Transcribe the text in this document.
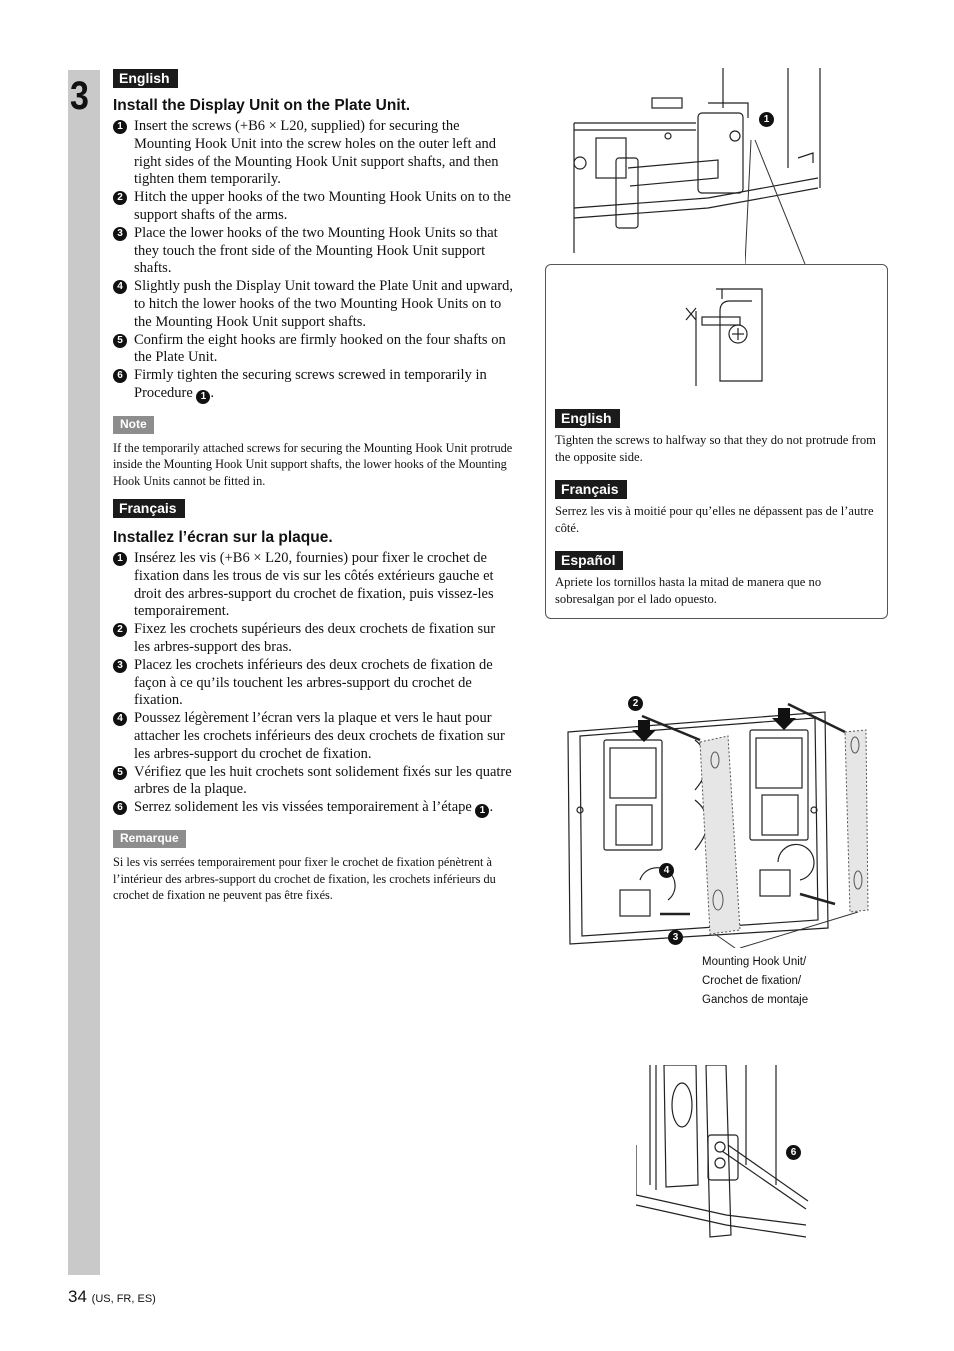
3	English
Install the Display Unit on the Plate Unit.
1 Insert the screws (+B6 × L20, supplied) for securing the Mounting Hook Unit into the screw holes on the outer left and right sides of the Mounting Hook Unit support shafts, and then tighten them temporarily.
2 Hitch the upper hooks of the two Mounting Hook Units on to the support shafts of the arms.
3 Place the lower hooks of the two Mounting Hook Units so that they touch the front side of the Mounting Hook Unit support shafts.
4 Slightly push the Display Unit toward the Plate Unit and upward, to hitch the lower hooks of the two Mounting Hook Units on to the Mounting Hook Unit support shafts.
5 Confirm the eight hooks are firmly hooked on the four shafts on the Plate Unit.
6 Firmly tighten the securing screws screwed in temporarily in Procedure 1 .
Note
If the temporarily attached screws for securing the Mounting Hook Unit protrude inside the Mounting Hook Unit support shafts, the lower hooks of the Mounting Hook Units cannot be fitted in.
Français
Installez l’écran sur la plaque.
1 Insérez les vis (+B6 × L20, fournies) pour fixer le crochet de fixation dans les trous de vis sur les côtés extérieurs gauche et droit des arbres-support du crochet de fixation, puis vissez-les temporairement.
2 Fixez les crochets supérieurs des deux crochets de fixation sur les arbres-support des bras.
3 Placez les crochets inférieurs des deux crochets de fixation de façon à ce qu’ils touchent les arbres-support du crochet de fixation.
4 Poussez légèrement l’écran vers la plaque et vers le haut pour attacher les crochets inférieurs des deux crochets de fixation sur les arbres-support du crochet de fixation.
5 Vérifiez que les huit crochets sont solidement fixés sur les quatre arbres de la plaque.
6 Serrez solidement les vis vissées temporairement à l’étape 1 .
Remarque
Si les vis serrées temporairement pour fixer le crochet de fixation pénètrent à l’intérieur des arbres-support du crochet de fixation, les crochets inférieurs du crochet de fixation ne peuvent pas être fixés.
1
English
Tighten the screws to halfway so that they do not protrude from the opposite side.
Français
Serrez les vis à moitié pour qu’elles ne dépassent pas de l’autre côté.
Español
Apriete los tornillos hasta la mitad de manera que no sobresalgan por el lado opuesto.
2
4
3
Mounting Hook Unit/
Crochet de fixation/
Ganchos de montaje
6
34 (US, FR, ES)
